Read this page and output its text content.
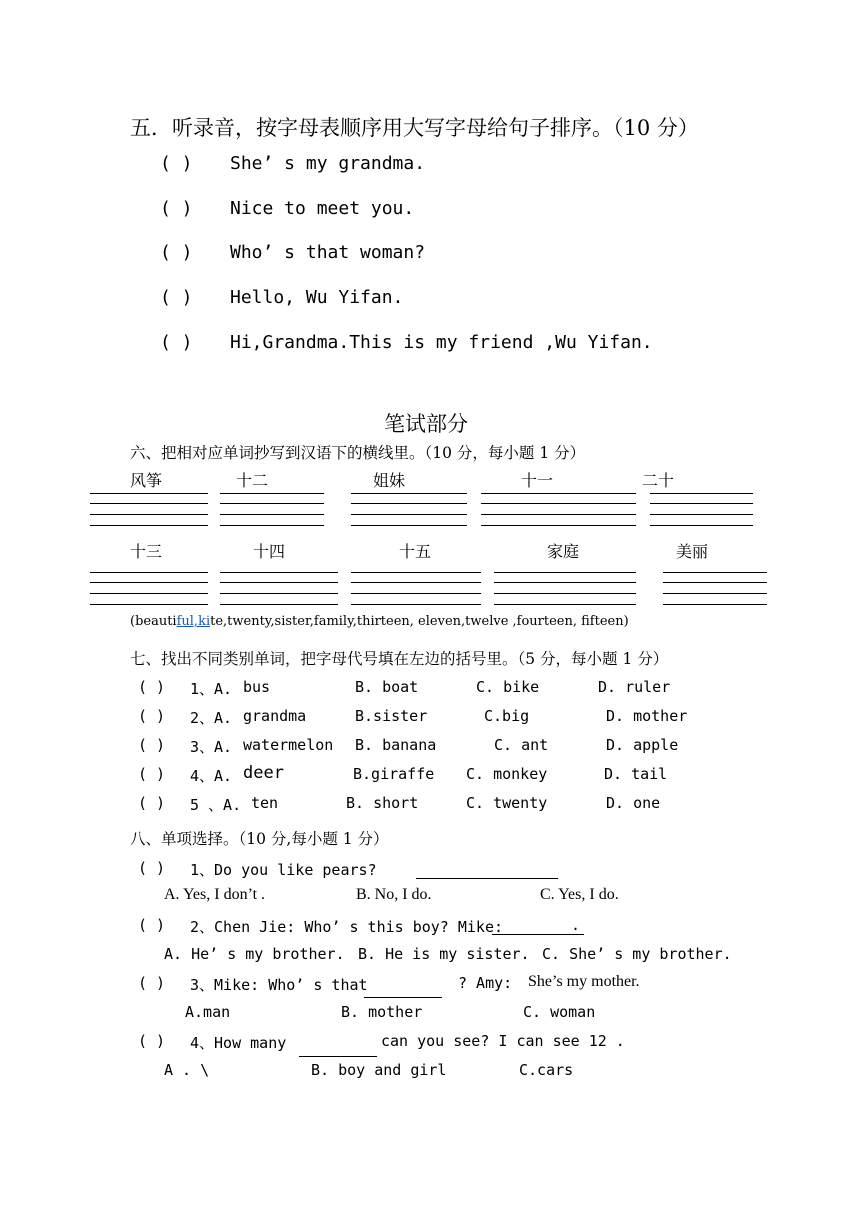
五．听录音，按字母表顺序用大写字母给句子排序。（10 分）
( ) She’ s my grandma.
( ) Nice to meet you.
( ) Who’ s that woman?
( ) Hello, Wu Yifan.
( ) Hi,Grandma.This is my friend ,Wu Yifan.
笔试部分
六、把相对应单词抄写到汉语下的横线里。（10 分，每小题 1 分）
风筝	十二	姐妹	十一	二十
十三	十四	十五	家庭	美丽
(beautiful,kite,twenty,sister,family,thirteen, eleven,twelve ,fourteen, fifteen)
七、找出不同类别单词，把字母代号填在左边的括号里。（5 分，每小题 1 分）
( ) 1、A. bus	B. boat	C. bike	D. ruler
( ) 2、A. grandma	B.sister	C.big	D. mother
( ) 3、A. watermelon B. banana	C. ant	D. apple
( ) 4、A. deer	B.giraffe C. monkey	D. tail
( ) 5 、A. ten	B. short	C. twenty	D. one
八、单项选择。（10 分,每小题 1 分）
( ) 1、Do you like pears?
A. Yes, I don’t .	B. No, I do.	C. Yes, I do.
( ) 2、Chen Jie: Who’ s this boy? Mike:	.
A. He’ s my brother. B. He is my sister. C. She’ s my brother.
( ) 3、Mike: Who’ s that	? Amy: She’s my mother.
A.man	B. mother	C. woman
( ) 4、How many	can you see? I can see 12 .
A . \	B. boy and girl	C.cars
